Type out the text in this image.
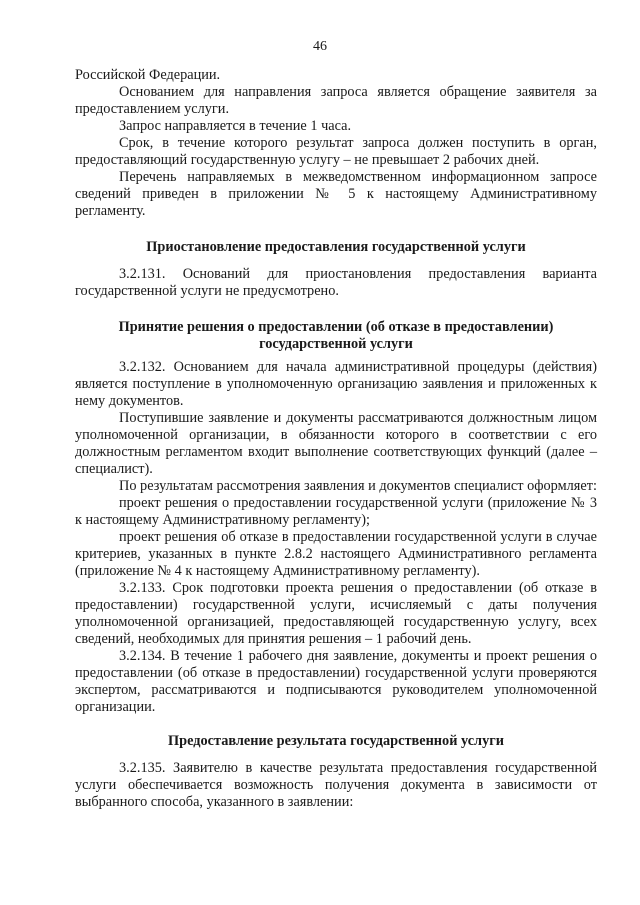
46

Российской Федерации.

Основанием для направления запроса является обращение заявителя за предоставлением услуги.

Запрос направляется в течение 1 часа.

Срок, в течение которого результат запроса должен поступить в орган, предоставляющий государственную услугу – не превышает 2 рабочих дней.

Перечень направляемых в межведомственном информационном запросе сведений приведен в приложении № 5 к настоящему Административному регламенту.

Приостановление предоставления государственной услуги

3.2.131. Оснований для приостановления предоставления варианта государственной услуги не предусмотрено.

Принятие решения о предоставлении (об отказе в предоставлении) государственной услуги

3.2.132. Основанием для начала административной процедуры (действия) является поступление в уполномоченную организацию заявления и приложенных к нему документов.

Поступившие заявление и документы рассматриваются должностным лицом уполномоченной организации, в обязанности которого в соответствии с его должностным регламентом входит выполнение соответствующих функций (далее – специалист).

По результатам рассмотрения заявления и документов специалист оформляет:

проект решения о предоставлении государственной услуги (приложение № 3 к настоящему Административному регламенту);

проект решения об отказе в предоставлении государственной услуги в случае критериев, указанных в пункте 2.8.2 настоящего Административного регламента (приложение № 4 к настоящему Административному регламенту).

3.2.133. Срок подготовки проекта решения о предоставлении (об отказе в предоставлении) государственной услуги, исчисляемый с даты получения уполномоченной организацией, предоставляющей государственную услугу, всех сведений, необходимых для принятия решения – 1 рабочий день.

3.2.134. В течение 1 рабочего дня заявление, документы и проект решения о предоставлении (об отказе в предоставлении) государственной услуги проверяются экспертом, рассматриваются и подписываются руководителем уполномоченной организации.

Предоставление результата государственной услуги

3.2.135. Заявителю в качестве результата предоставления государственной услуги обеспечивается возможность получения документа в зависимости от выбранного способа, указанного в заявлении:
